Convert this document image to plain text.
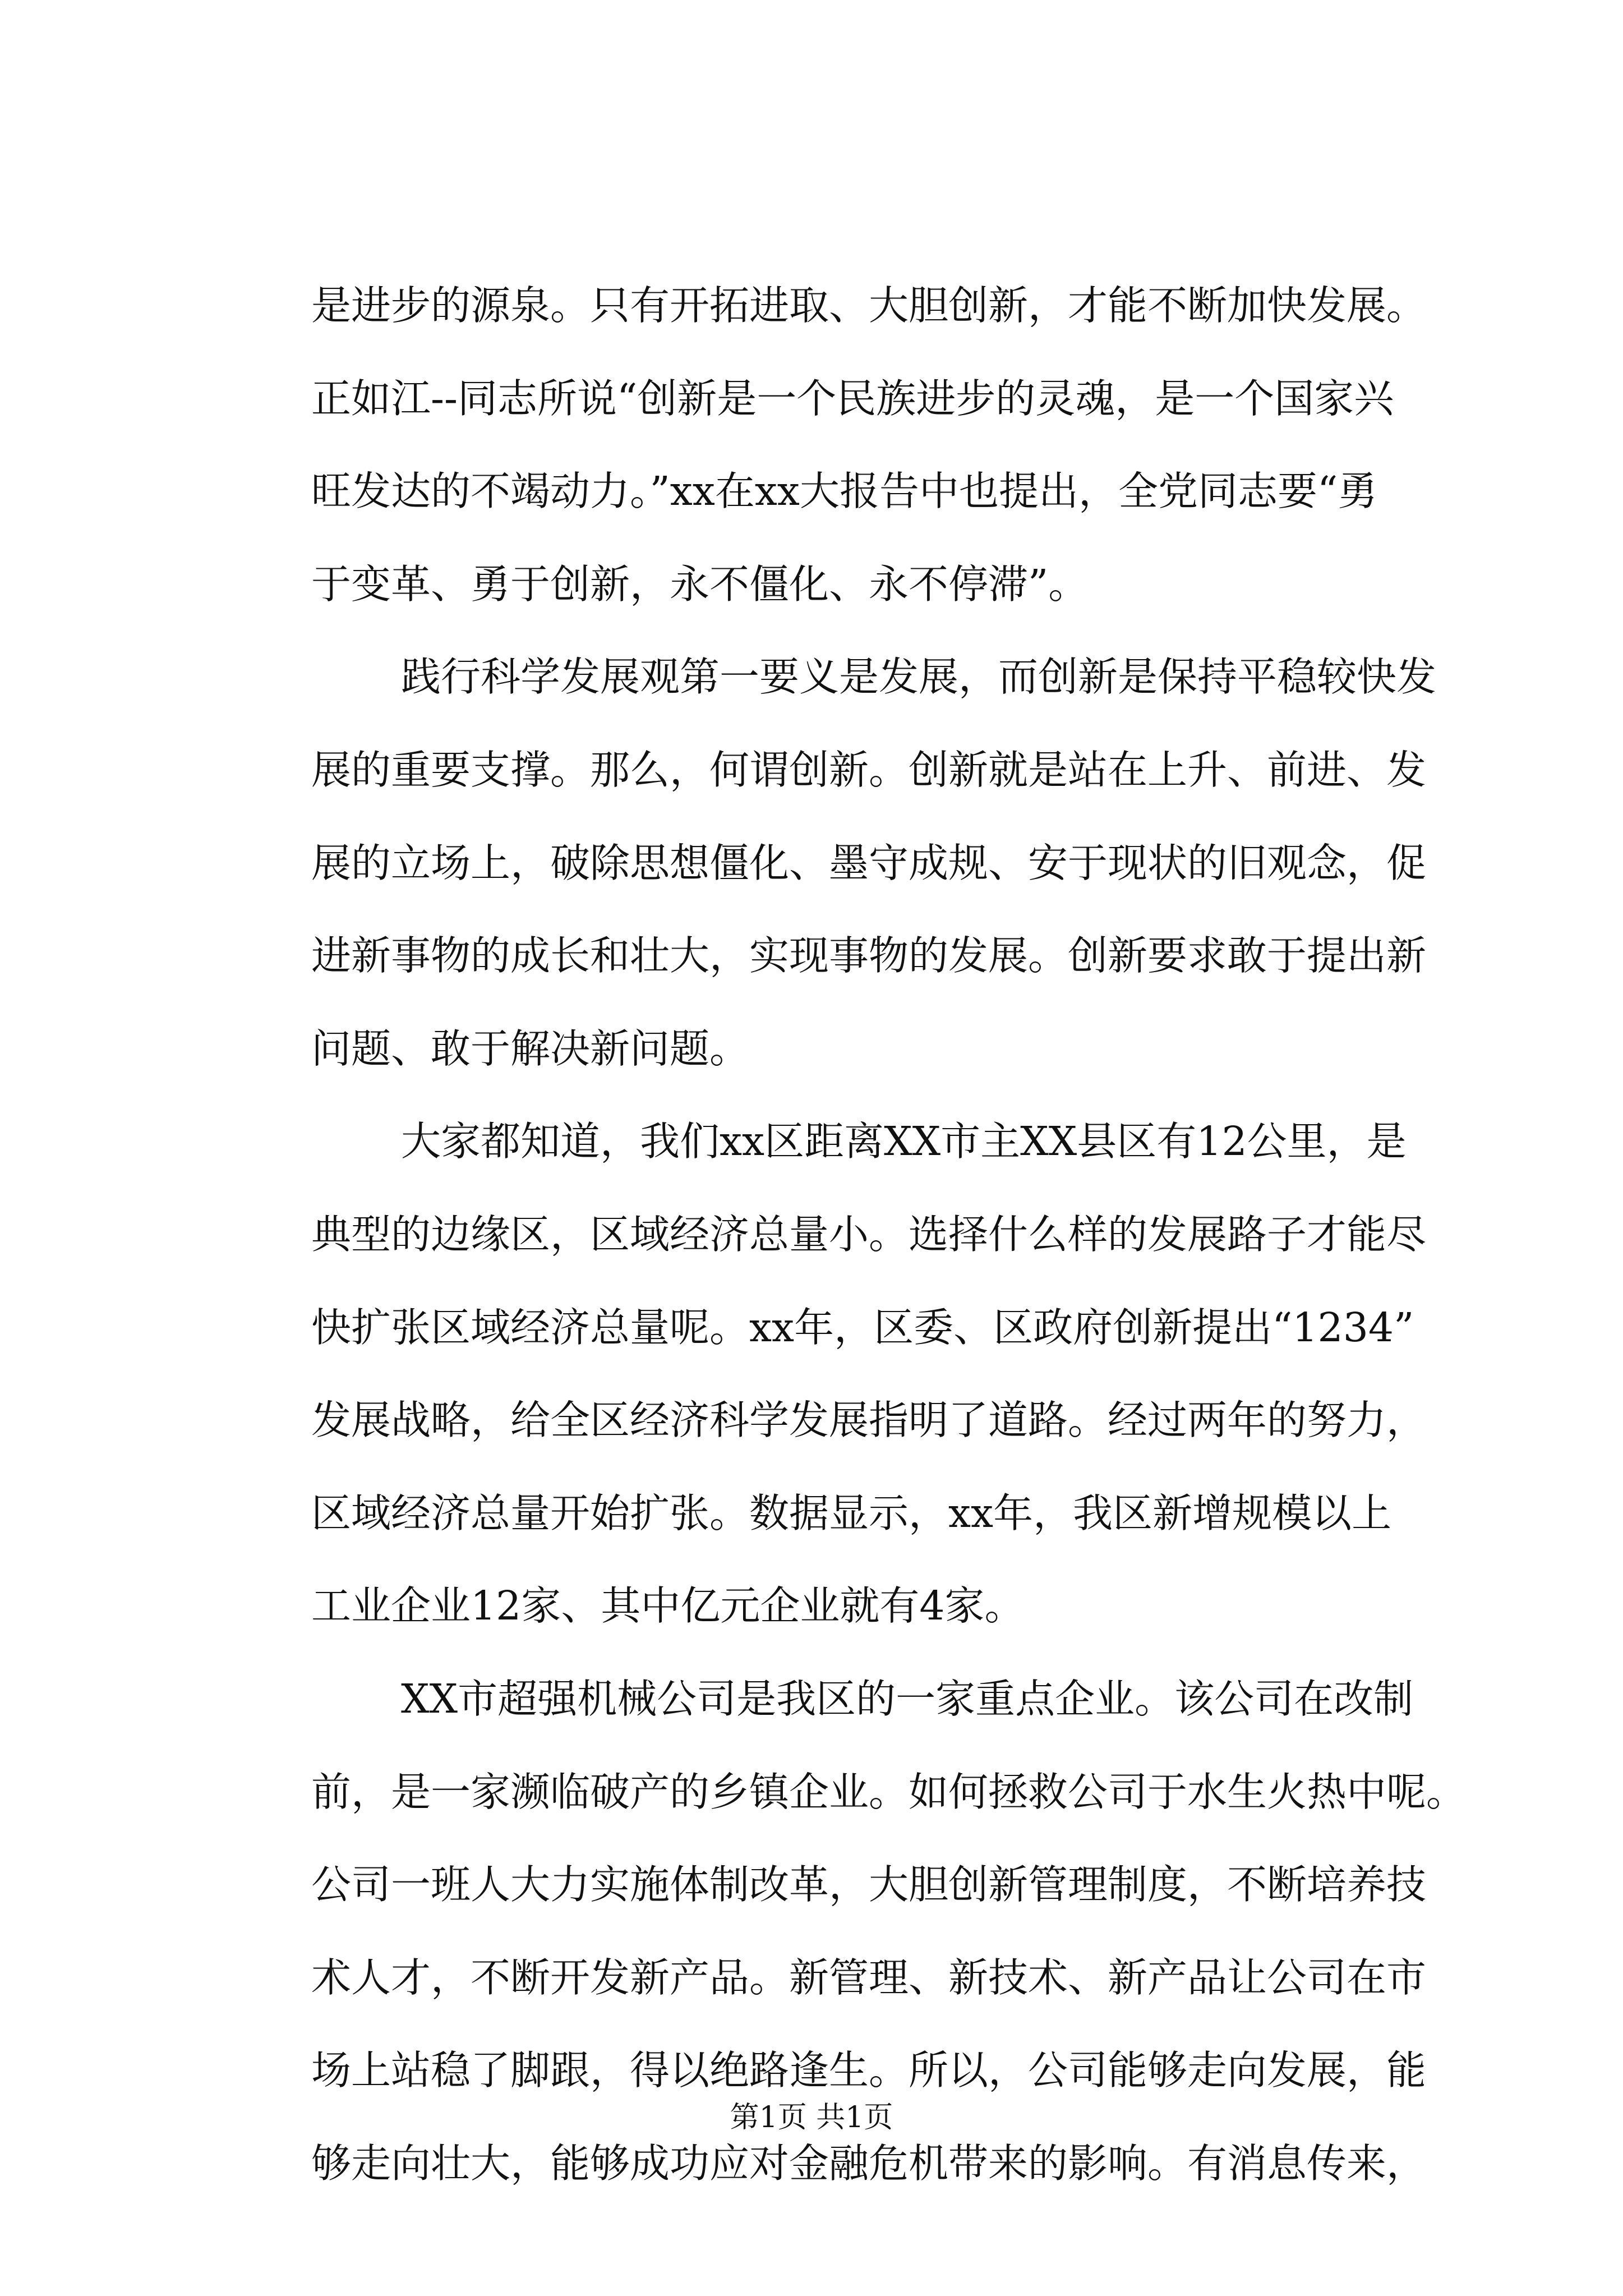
是进步的源泉。只有开拓进取、大胆创新，才能不断加快发展。
正如江--同志所说“创新是一个民族进步的灵魂，是一个国家兴
旺发达的不竭动力。”xx在xx大报告中也提出，全党同志要“勇
于变革、勇于创新，永不僵化、永不停滞”。
践行科学发展观第一要义是发展，而创新是保持平稳较快发
展的重要支撑。那么，何谓创新。创新就是站在上升、前进、发
展的立场上，破除思想僵化、墨守成规、安于现状的旧观念，促
进新事物的成长和壮大，实现事物的发展。创新要求敢于提出新
问题、敢于解决新问题。
大家都知道，我们xx区距离XX市主XX县区有12公里，是
典型的边缘区，区域经济总量小。选择什么样的发展路子才能尽
快扩张区域经济总量呢。xx年，区委、区政府创新提出“1234”
发展战略，给全区经济科学发展指明了道路。经过两年的努力，
区域经济总量开始扩张。数据显示，xx年，我区新增规模以上
工业企业12家、其中亿元企业就有4家。
XX市超强机械公司是我区的一家重点企业。该公司在改制
前，是一家濒临破产的乡镇企业。如何拯救公司于水生火热中呢。
公司一班人大力实施体制改革，大胆创新管理制度，不断培养技
术人才，不断开发新产品。新管理、新技术、新产品让公司在市
场上站稳了脚跟，得以绝路逢生。所以，公司能够走向发展，能
够走向壮大，能够成功应对金融危机带来的影响。有消息传来，
第1页 共1页
